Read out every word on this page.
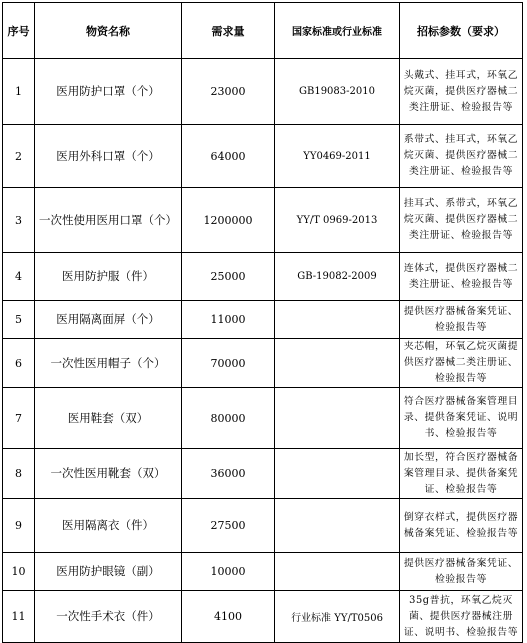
序号	物资名称	需求量	国家标准或行业标准	招标参数（要求）
1	医用防护口罩（个）	23000	GB19083-2010	头戴式、挂耳式，环氧乙烷灭菌，提供医疗器械二类注册证、检验报告等
2	医用外科口罩（个）	64000	YY0469-2011	系带式、挂耳式，环氧乙烷灭菌、提供医疗器械二类注册证、检验报告等
3	一次性使用医用口罩（个）	1200000	YY/T 0969-2013	挂耳式、系带式，环氧乙烷灭菌、提供医疗器械二类注册证、检验报告等
4	医用防护服（件）	25000	GB-19082-2009	连体式，提供医疗器械二类注册证、检验报告等
5	医用隔离面屏（个）	11000		提供医疗器械备案凭证、检验报告等
6	一次性医用帽子（个）	70000		夹芯帽，环氧乙烷灭菌提供医疗器械二类注册证、检验报告等
7	医用鞋套（双）	80000		符合医疗器械备案管理目录、提供备案凭证、说明书、检验报告等
8	一次性医用靴套（双）	36000		加长型，符合医疗器械备案管理目录、提供备案凭证、检验报告等
9	医用隔离衣（件）	27500		倒穿衣样式，提供医疗器械备案凭证、检验报告等
10	医用防护眼镜（副）	10000		提供医疗器械备案凭证、检验报告等
11	一次性手术衣（件）	4100	行业标准 YY/T0506	35g普抗，环氧乙烷灭菌、提供医疗器械注册证、说明书、检验报告等
